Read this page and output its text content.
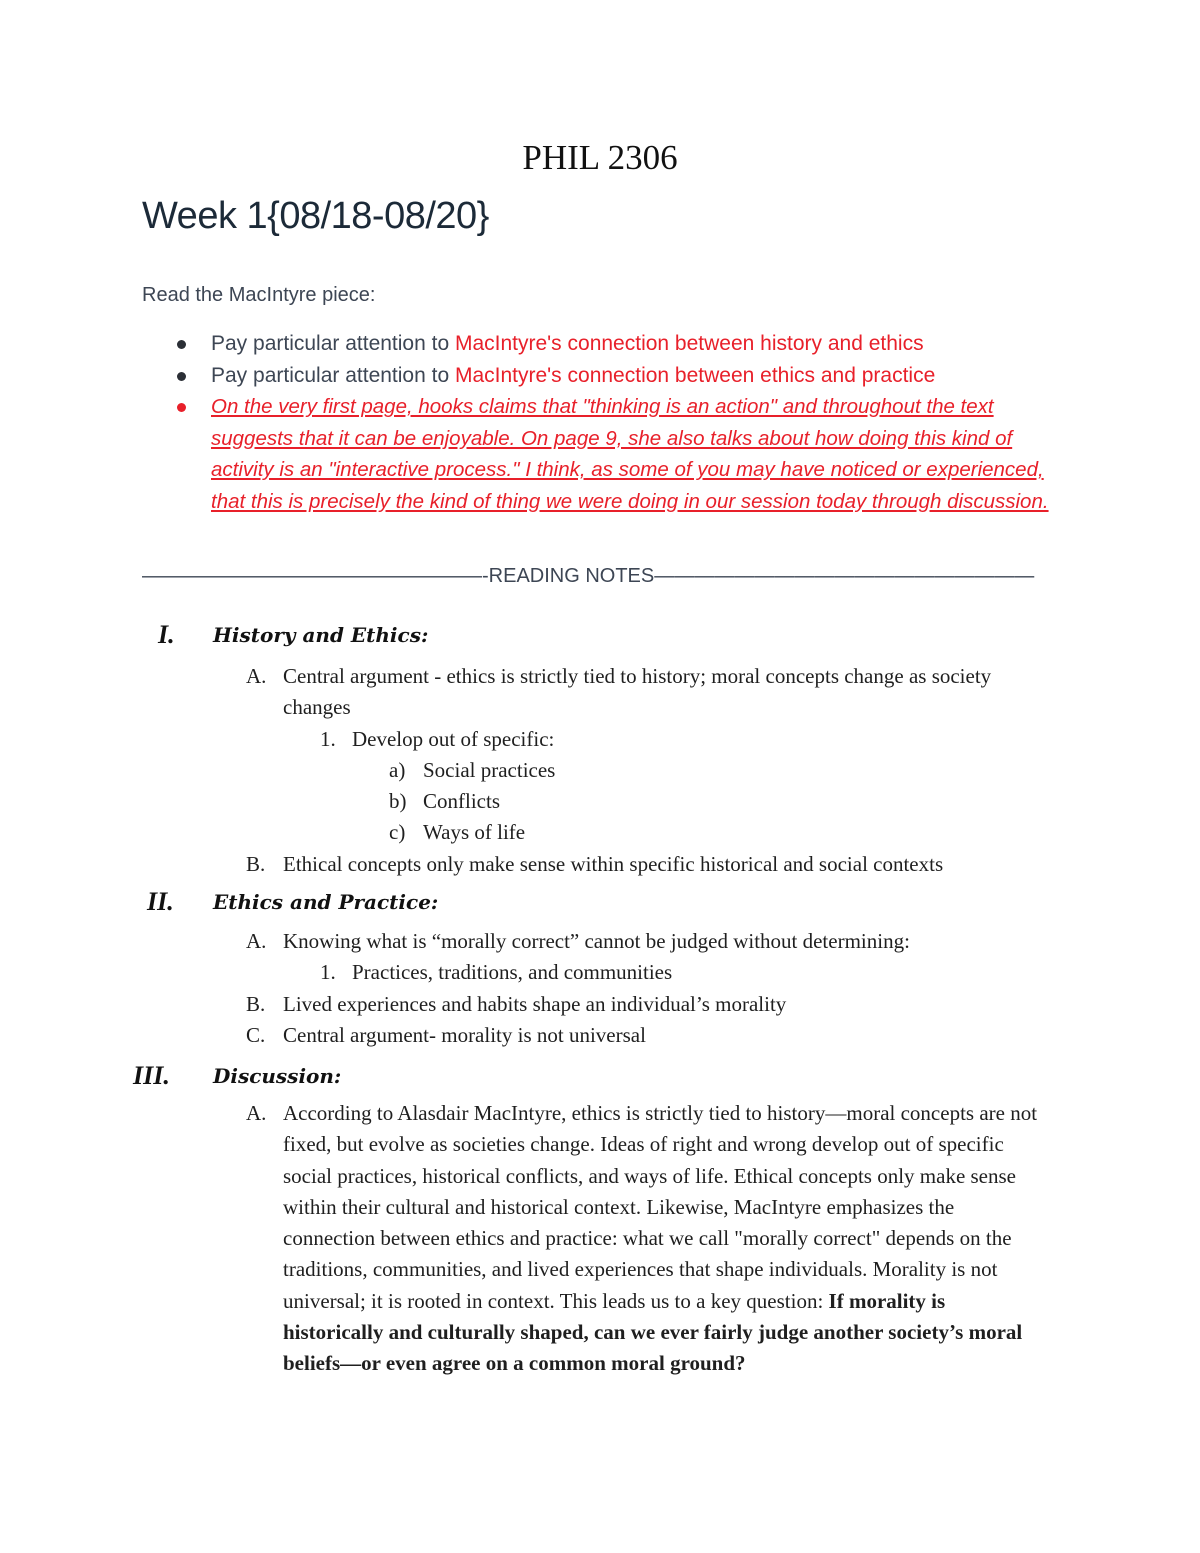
PHIL 2306
Week 1{08/18-08/20}
Read the MacIntyre piece:
Pay particular attention to MacIntyre's connection between history and ethics
Pay particular attention to MacIntyre's connection between ethics and practice
On the very first page, hooks claims that "thinking is an action" and throughout the text suggests that it can be enjoyable. On page 9, she also talks about how doing this kind of activity is an "interactive process." I think, as some of you may have noticed or experienced, that this is precisely the kind of thing we were doing in our session today through discussion.
—————————————————-READING NOTES———————————————————
I. History and Ethics:
A. Central argument - ethics is strictly tied to history; moral concepts change as society changes
1. Develop out of specific:
a) Social practices
b) Conflicts
c) Ways of life
B. Ethical concepts only make sense within specific historical and social contexts
II. Ethics and Practice:
A. Knowing what is “morally correct” cannot be judged without determining:
1. Practices, traditions, and communities
B. Lived experiences and habits shape an individual’s morality
C. Central argument- morality is not universal
III. Discussion:
A. According to Alasdair MacIntyre, ethics is strictly tied to history—moral concepts are not fixed, but evolve as societies change. Ideas of right and wrong develop out of specific social practices, historical conflicts, and ways of life. Ethical concepts only make sense within their cultural and historical context. Likewise, MacIntyre emphasizes the connection between ethics and practice: what we call "morally correct" depends on the traditions, communities, and lived experiences that shape individuals. Morality is not universal; it is rooted in context. This leads us to a key question: If morality is historically and culturally shaped, can we ever fairly judge another society’s moral beliefs—or even agree on a common moral ground?
